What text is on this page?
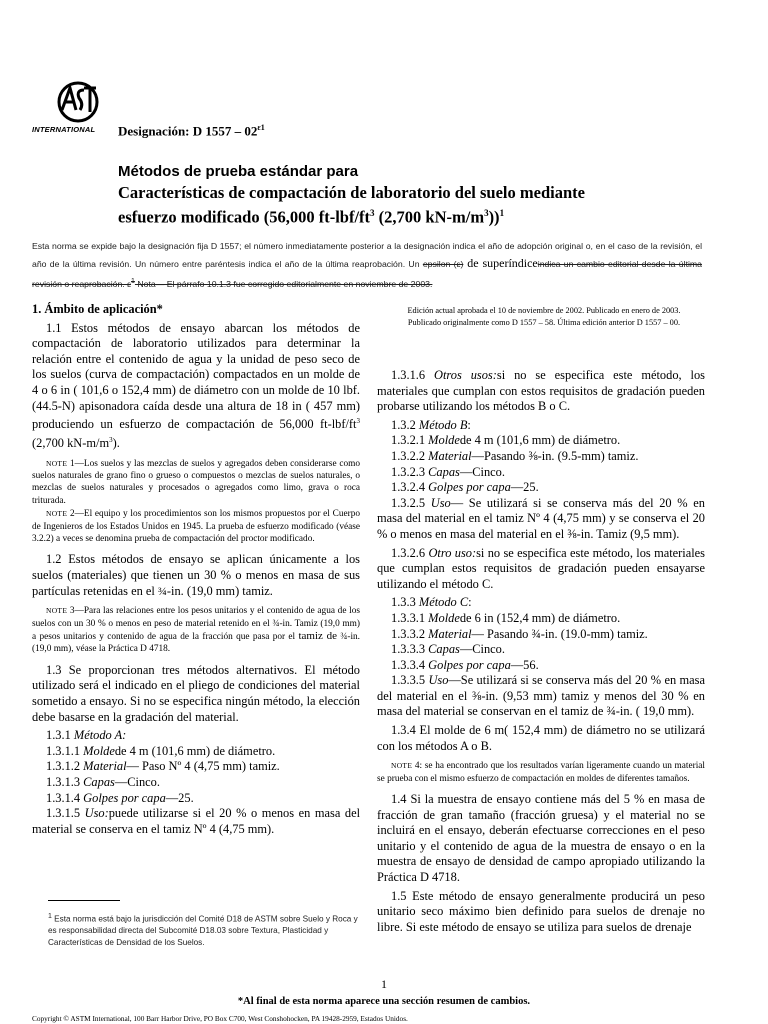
INTERNATIONAL Designación: D $1557 - 02^{\varepsilon 1}$
Métodos de prueba estándar para
Características de compactación de laboratorio del suelo mediante
esfuerzo modificado (56,000 $ft-lbf/ft^3$ (2,700 $kN-m/m^3))^1$
Esta norma se expide bajo la designación fija D 1557; el número inmediatamente posterior a la designación indica el año de adopción original o, en el caso de la revisión, el año de la última revisión. Un número entre paréntesis indica el año de la última reaprobación. Un epsilon (ε) de superíndiceindica un cambio editorial desde la última revisión o reaprobación. $\varepsilon^1$ Nota— El párrafo 10.1.3 fue corregido editorialmente en noviembre de 2003.
Edición actual aprobada el 10 de noviembre de 2002. Publicado en enero de 2003.
Publicado originalmente como D 1557 – 58. Última edición anterior D 1557 – 00.
1. Ámbito de aplicación*

1.1 Estos métodos de ensayo abarcan los métodos de compactación de laboratorio utilizados para determinar la relación entre el contenido de agua y la unidad de peso seco de los suelos (curva de compactación) compactados en un molde de 4 o 6 in ( 101,6 o 152,4 mm) de diámetro con un molde de 10 lbf. (44.5-N) apisonadora caída desde una altura de 18 in ( 457 mm) produciendo un esfuerzo de compactación de 56,000 $ft-lbf/ft^3$ (2,700 $kN-m/m^3$).

NOTE 1—Los suelos y las mezclas de suelos y agregados deben considerarse como suelos naturales de grano fino o grueso o compuestos o mezclas de suelos naturales, o mezclas de suelos naturales y procesados o agregados como limo, grava o roca triturada.

NOTE 2—El equipo y los procedimientos son los mismos propuestos por el Cuerpo de Ingenieros de los Estados Unidos en 1945. La prueba de esfuerzo modificado (véase 3.2.2) a veces se denomina prueba de compactación del proctor modificado.

1.2 Estos métodos de ensayo se aplican únicamente a los suelos (materiales) que tienen un 30 % o menos en masa de sus partículas retenidas en el ¾-in. (19,0 mm) tamiz.

NOTE 3—Para las relaciones entre los pesos unitarios y el contenido de agua de los suelos con un 30 % o menos en peso de material retenido en el ¾-in. Tamiz (19,0 mm) a pesos unitarios y contenido de agua de la fracción que pasa por el tamiz de ¾-in. (19,0 mm), véase la Práctica D 4718.

1.3 Se proporcionan tres métodos alternativos. El método utilizado será el indicado en el pliego de condiciones del material sometido a ensayo. Si no se especifica ningún método, la elección debe basarse en la gradación del material.

1.3.1 Método A:

1.3.1.1 Moldede 4 m (101,6 mm) de diámetro.

1.3.1.2 Material— Paso Nº 4 (4,75 mm) tamiz.

1.3.1.3 Capas—Cinco.

1.3.1.4 Golpes por capa—25.

1.3.1.5 Uso:puede utilizarse si el 20 % o menos en masa del material se conserva en el tamiz Nº 4 (4,75 mm).

1.3.1.6 Otros usos:si no se especifica este método, los materiales que cumplan con estos requisitos de gradación pueden probarse utilizando los métodos B o C.

1.3.2 Método B:

1.3.2.1 Moldede 4 m (101,6 mm) de diámetro.

1.3.2.2 Material—Pasando ⅜-in. (9.5-mm) tamiz.

1.3.2.3 Capas—Cinco.

1.3.2.4 Golpes por capa—25.

1.3.2.5 Uso— Se utilizará si se conserva más del 20 % en masa del material en el tamiz Nº 4 (4,75 mm) y se conserva el 20 % o menos en masa del material en el ⅜-in. Tamiz (9,5 mm).

1.3.2.6 Otro uso:si no se especifica este método, los materiales que cumplan estos requisitos de gradación pueden ensayarse utilizando el método C.

1.3.3 Método C:

1.3.3.1 Moldede 6 in (152,4 mm) de diámetro.

1.3.3.2 Material— Pasando ¾-in. (19.0-mm) tamiz.

1.3.3.3 Capas—Cinco.

1.3.3.4 Golpes por capa—56.

1.3.3.5 Uso—Se utilizará si se conserva más del 20 % en masa del material en el ⅜-in. (9,53 mm) tamiz y menos del 30 % en masa del material se conservan en el tamiz de ¾-in. ( 19,0 mm).

1.3.4 El molde de 6 m( 152,4 mm) de diámetro no se utilizará con los métodos A o B.

NOTE 4: se ha encontrado que los resultados varían ligeramente cuando un material se prueba con el mismo esfuerzo de compactación en moldes de diferentes tamaños.

1.4 Si la muestra de ensayo contiene más del 5 % en masa de fracción de gran tamaño (fracción gruesa) y el material no se incluirá en el ensayo, deberán efectuarse correcciones en el peso unitario y el contenido de agua de la muestra de ensayo o en la muestra de ensayo de densidad de campo apropiado utilizando la Práctica D 4718.

1.5 Este método de ensayo generalmente producirá un peso unitario seco máximo bien definido para suelos de drenaje no libre. Si este método de ensayo se utiliza para suelos de drenaje

$^1$ Esta norma está bajo la jurisdicción del Comité D18 de ASTM sobre Suelo y Roca y es responsabilidad directa del Subcomité D18.03 sobre Textura, Plasticidad y Características de Densidad de los Suelos.
1
*Al final de esta norma aparece una sección resumen de cambios.
Copyright © ASTM International, 100 Barr Harbor Drive, PO Box C700, West Conshohocken, PA 19428-2959, Estados Unidos.
